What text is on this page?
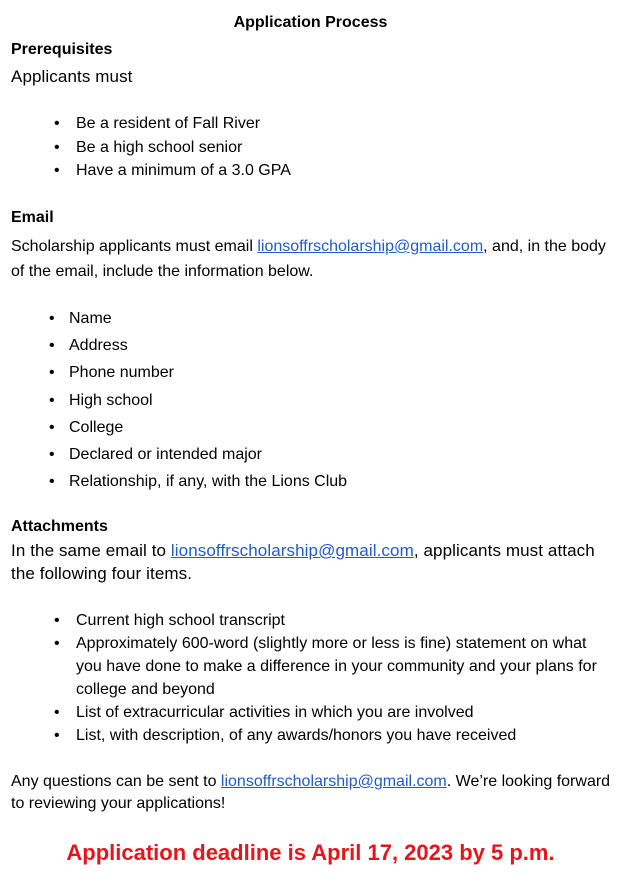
Application Process
Prerequisites
Applicants must
• Be a resident of Fall River
• Be a high school senior
• Have a minimum of a 3.0 GPA
Email
Scholarship applicants must email lionsoffrscholarship@gmail.com, and, in the body of the email, include the information below.
• Name
• Address
• Phone number
• High school
• College
• Declared or intended major
• Relationship, if any, with the Lions Club
Attachments
In the same email to lionsoffrscholarship@gmail.com, applicants must attach the following four items.
• Current high school transcript
• Approximately 600-word (slightly more or less is fine) statement on what you have done to make a difference in your community and your plans for college and beyond
• List of extracurricular activities in which you are involved
• List, with description, of any awards/honors you have received
Any questions can be sent to lionsoffrscholarship@gmail.com. We’re looking forward to reviewing your applications!
Application deadline is April 17, 2023 by 5 p.m.
